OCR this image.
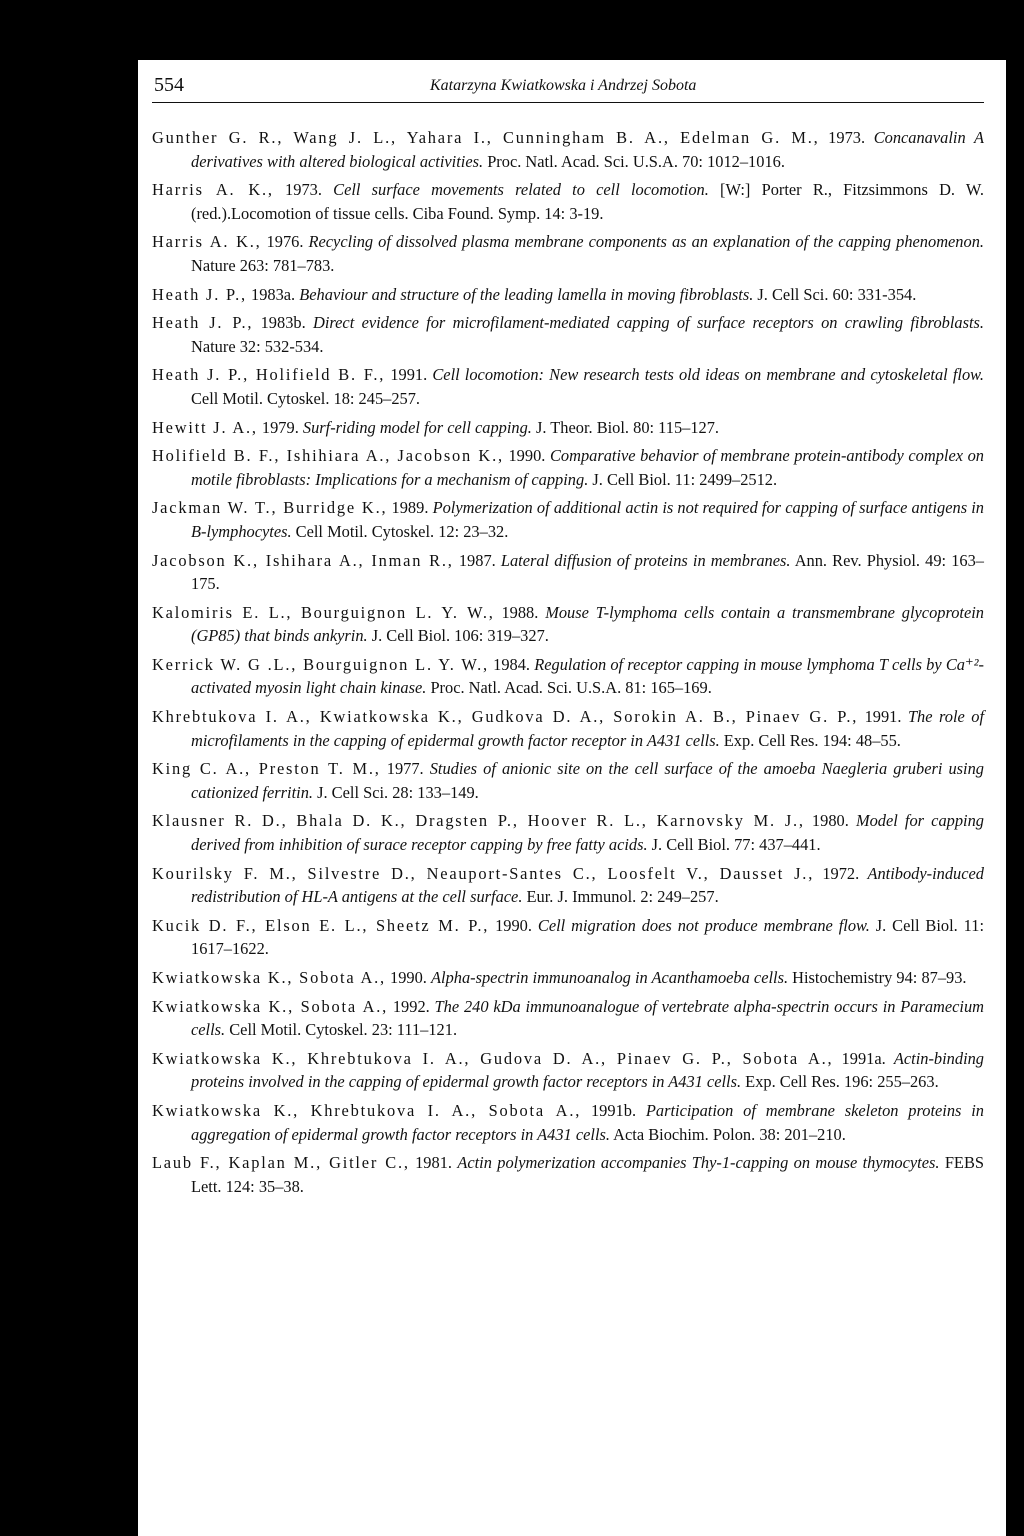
554	Katarzyna Kwiatkowska i Andrzej Sobota

Gunther G. R., Wang J. L., Yahara I., Cunningham B. A., Edelman G. M., 1973. Concanavalin A derivatives with altered biological activities. Proc. Natl. Acad. Sci. U.S.A. 70: 1012–1016.

Harris A. K., 1973. Cell surface movements related to cell locomotion. [W:] Porter R., Fitzsimmons D. W. (red.).Locomotion of tissue cells. Ciba Found. Symp. 14: 3-19.

Harris A. K., 1976. Recycling of dissolved plasma membrane components as an explanation of the capping phenomenon. Nature 263: 781–783.

Heath J. P., 1983a. Behaviour and structure of the leading lamella in moving fibroblasts. J. Cell Sci. 60: 331-354.

Heath J. P., 1983b. Direct evidence for microfilament-mediated capping of surface receptors on crawling fibroblasts. Nature 32: 532-534.

Heath J. P., Holifield B. F., 1991. Cell locomotion: New research tests old ideas on membrane and cytoskeletal flow. Cell Motil. Cytoskel. 18: 245–257.

Hewitt J. A., 1979. Surf-riding model for cell capping. J. Theor. Biol. 80: 115–127.

Holifield B. F., Ishihiara A., Jacobson K., 1990. Comparative behavior of membrane protein-antibody complex on motile fibroblasts: Implications for a mechanism of capping. J. Cell Biol. 11: 2499–2512.

Jackman W. T., Burridge K., 1989. Polymerization of additional actin is not required for capping of surface antigens in B-lymphocytes. Cell Motil. Cytoskel. 12: 23–32.

Jacobson K., Ishihara A., Inman R., 1987. Lateral diffusion of proteins in membranes. Ann. Rev. Physiol. 49: 163–175.

Kalomiris E. L., Bourguignon L. Y. W., 1988. Mouse T-lymphoma cells contain a transmembrane glycoprotein (GP85) that binds ankyrin. J. Cell Biol. 106: 319–327.

Kerrick W. G .L., Bourguignon L. Y. W., 1984. Regulation of receptor capping in mouse lymphoma T cells by Ca⁺²-activated myosin light chain kinase. Proc. Natl. Acad. Sci. U.S.A. 81: 165–169.

Khrebtukova I. A., Kwiatkowska K., Gudkova D. A., Sorokin A. B., Pinaev G. P., 1991. The role of microfilaments in the capping of epidermal growth factor receptor in A431 cells. Exp. Cell Res. 194: 48–55.

King C. A., Preston T. M., 1977. Studies of anionic site on the cell surface of the amoeba Naegleria gruberi using cationized ferritin. J. Cell Sci. 28: 133–149.

Klausner R. D., Bhala D. K., Dragsten P., Hoover R. L., Karnovsky M. J., 1980. Model for capping derived from inhibition of surace receptor capping by free fatty acids. J. Cell Biol. 77: 437–441.

Kourilsky F. M., Silvestre D., Neauport-Santes C., Loosfelt V., Dausset J., 1972. Antibody-induced redistribution of HL-A antigens at the cell surface. Eur. J. Immunol. 2: 249–257.

Kucik D. F., Elson E. L., Sheetz M. P., 1990. Cell migration does not produce membrane flow. J. Cell Biol. 11: 1617–1622.

Kwiatkowska K., Sobota A., 1990. Alpha-spectrin immunoanalog in Acanthamoeba cells. Histochemistry 94: 87–93.

Kwiatkowska K., Sobota A., 1992. The 240 kDa immunoanalogue of vertebrate alpha-spectrin occurs in Paramecium cells. Cell Motil. Cytoskel. 23: 111–121.

Kwiatkowska K., Khrebtukova I. A., Gudova D. A., Pinaev G. P., Sobota A., 1991a. Actin-binding proteins involved in the capping of epidermal growth factor receptors in A431 cells. Exp. Cell Res. 196: 255–263.

Kwiatkowska K., Khrebtukova I. A., Sobota A., 1991b. Participation of membrane skeleton proteins in aggregation of epidermal growth factor receptors in A431 cells. Acta Biochim. Polon. 38: 201–210.

Laub F., Kaplan M., Gitler C., 1981. Actin polymerization accompanies Thy-1-capping on mouse thymocytes. FEBS Lett. 124: 35–38.
